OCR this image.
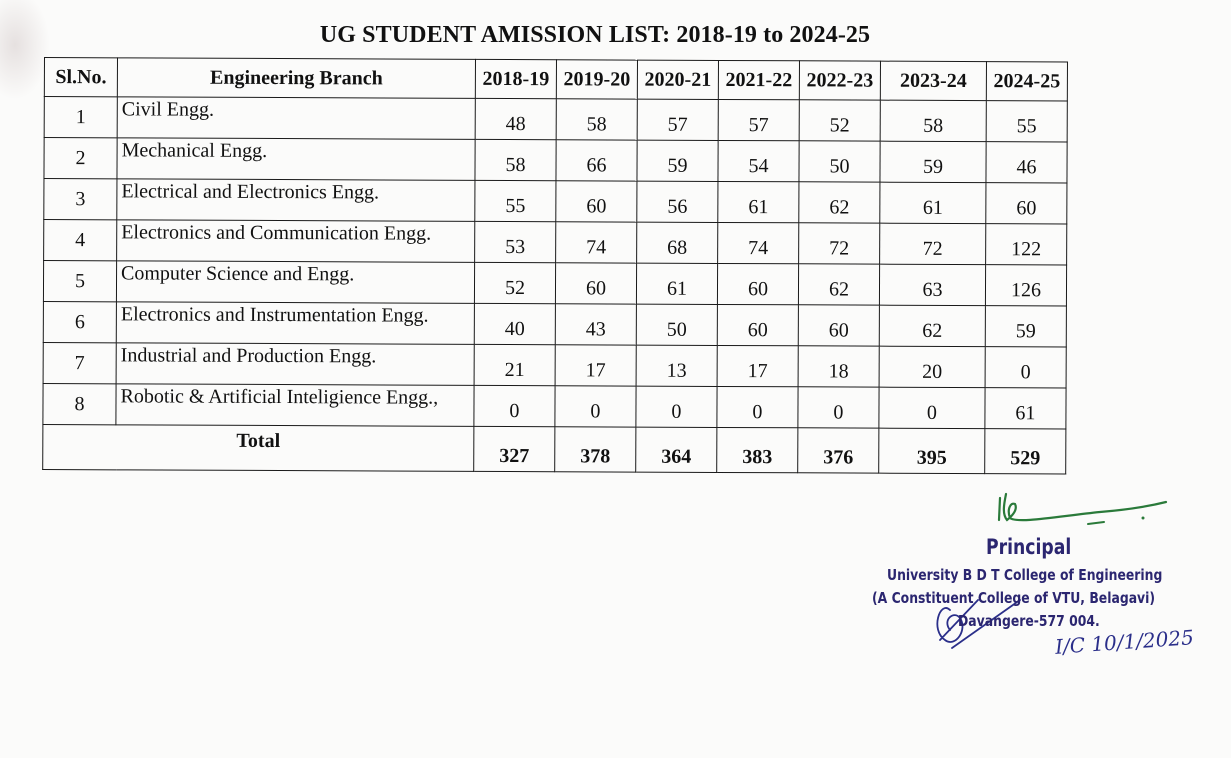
UG STUDENT AMISSION LIST: 2018-19 to 2024-25
Sl.No.	Engineering Branch	2018-19	2019-20	2020-21	2021-22	2022-23	2023-24	2024-25
1	Civil Engg.	48	58	57	57	52	58	55
2	Mechanical Engg.	58	66	59	54	50	59	46
3	Electrical and Electronics Engg.	55	60	56	61	62	61	60
4	Electronics and Communication Engg.	53	74	68	74	72	72	122
5	Computer Science and Engg.	52	60	61	60	62	63	126
6	Electronics and Instrumentation Engg.	40	43	50	60	60	62	59
7	Industrial and Production Engg.	21	17	13	17	18	20	0
8	Robotic & Artificial Inteligience Engg.,	0	0	0	0	0	0	61
Total		327	378	364	383	376	395	529
Principal
University B D T College of Engineering
(A Constituent College of VTU, Belagavi)
Davangere-577 004.
I/C 10/1/2025
